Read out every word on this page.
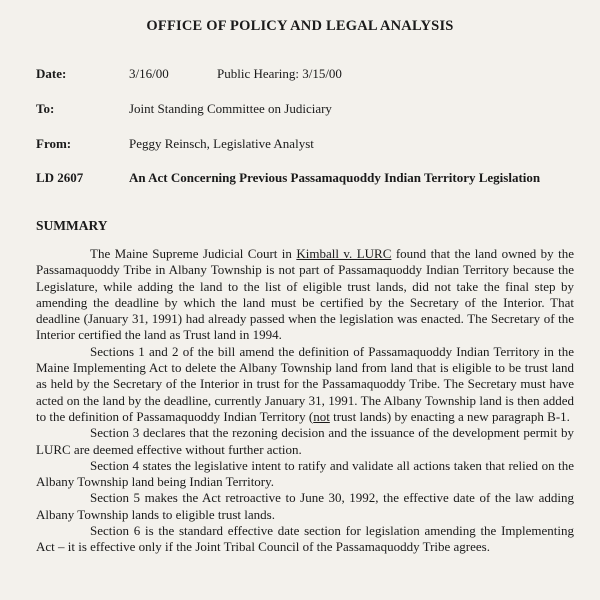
OFFICE OF POLICY AND LEGAL ANALYSIS
Date:	3/16/00	Public Hearing: 3/15/00
To:	Joint Standing Committee on Judiciary
From:	Peggy Reinsch, Legislative Analyst
LD 2607	An Act Concerning Previous Passamaquoddy Indian Territory Legislation
SUMMARY

The Maine Supreme Judicial Court in Kimball v. LURC found that the land owned by the Passamaquoddy Tribe in Albany Township is not part of Passamaquoddy Indian Territory because the Legislature, while adding the land to the list of eligible trust lands, did not take the final step by amending the deadline by which the land must be certified by the Secretary of the Interior. That deadline (January 31, 1991) had already passed when the legislation was enacted. The Secretary of the Interior certified the land as Trust land in 1994.

Sections 1 and 2 of the bill amend the definition of Passamaquoddy Indian Territory in the Maine Implementing Act to delete the Albany Township land from land that is eligible to be trust land as held by the Secretary of the Interior in trust for the Passamaquoddy Tribe. The Secretary must have acted on the land by the deadline, currently January 31, 1991. The Albany Township land is then added to the definition of Passamaquoddy Indian Territory (not trust lands) by enacting a new paragraph B-1.

Section 3 declares that the rezoning decision and the issuance of the development permit by LURC are deemed effective without further action.

Section 4 states the legislative intent to ratify and validate all actions taken that relied on the Albany Township land being Indian Territory.

Section 5 makes the Act retroactive to June 30, 1992, the effective date of the law adding Albany Township lands to eligible trust lands.

Section 6 is the standard effective date section for legislation amending the Implementing Act – it is effective only if the Joint Tribal Council of the Passamaquoddy Tribe agrees.
